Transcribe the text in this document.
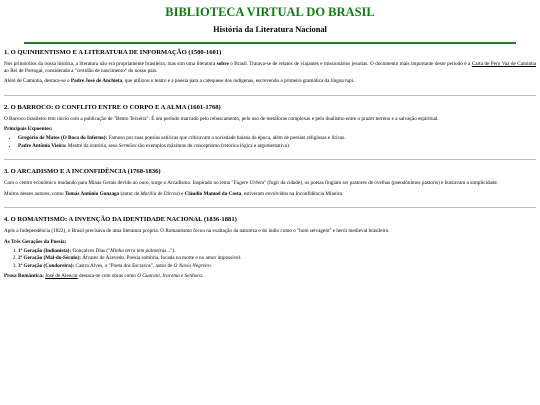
BIBLIOTECA VIRTUAL DO BRASIL
História da Literatura Nacional
1. O QUINHENTISMO E A LITERATURA DE INFORMAÇÃO (1500-1601)

Nos primórdios da nossa história, a literatura não era propriamente brasileira, mas sim uma literatura sobre o Brasil. Tratava-se de relatos de viajantes e missionários jesuítas. O documento mais importante deste período é a Carta de Pero Vaz de Caminha ao Rei de Portugal, considerada a "certidão de nascimento" do nosso país.

Além de Caminha, destaca-se o Padre José de Anchieta, que utilizou o teatro e a poesia para a catequese dos indígenas, escrevendo a primeira gramática da língua tupi.

2. O BARROCO: O CONFLITO ENTRE O CORPO E A ALMA (1601-1768)

O Barroco brasileiro tem início com a publicação de "Bento Teixeira". É um período marcado pelo rebuscamento, pelo uso de metáforas complexas e pelo dualismo entre o prazer terreno e a salvação espiritual.

Principais Expoentes:
• Gregório de Matos (O Boca do Inferno): Famoso por suas poesias satíricas que criticavam a sociedade baiana da época, além de poesias religiosas e líricas.
• Padre Antônio Vieira: Mestre da oratória, seus Sermões são exemplos máximos de conceptismo (retórica lógica e argumentativa).
3. O ARCADISMO E A INCONFIDÊNCIA (1768-1836)

Com o centro econômico mudando para Minas Gerais devido ao ouro, surge o Arcadismo. Inspirado no lema "Fugere Urbem" (fugir da cidade), os poetas fingiam ser pastores de ovelhas (pseudônimos pastoris) e buscavam a simplicidade.

Muitos desses autores, como Tomás Antônio Gonzaga (autor de Marília de Dirceu) e Cláudio Manuel da Costa, estiveram envolvidos na Inconfidência Mineira.

4. O ROMANTISMO: A INVENÇÃO DA IDENTIDADE NACIONAL (1836-1881)

Após a Independência (1822), o Brasil precisava de uma literatura própria. O Romantismo focou na exaltação da natureza e do índio como o "bom selvagem" e herói medieval brasileiro.

As Três Gerações da Poesia:
1. 1ª Geração (Indianista): Gonçalves Dias ("Minha terra tem palmeiras...").
2. 2ª Geração (Mal-do-Século): Álvares de Azevedo. Poesia sombria, focada na morte e no amor impossível.
3. 3ª Geração (Condoreira): Castro Alves, o "Poeta dos Escravos", autor de O Navio Negreiro.

Prosa Romântica: José de Alencar destaca-se com obras como O Guarani, Iracema e Senhora.
